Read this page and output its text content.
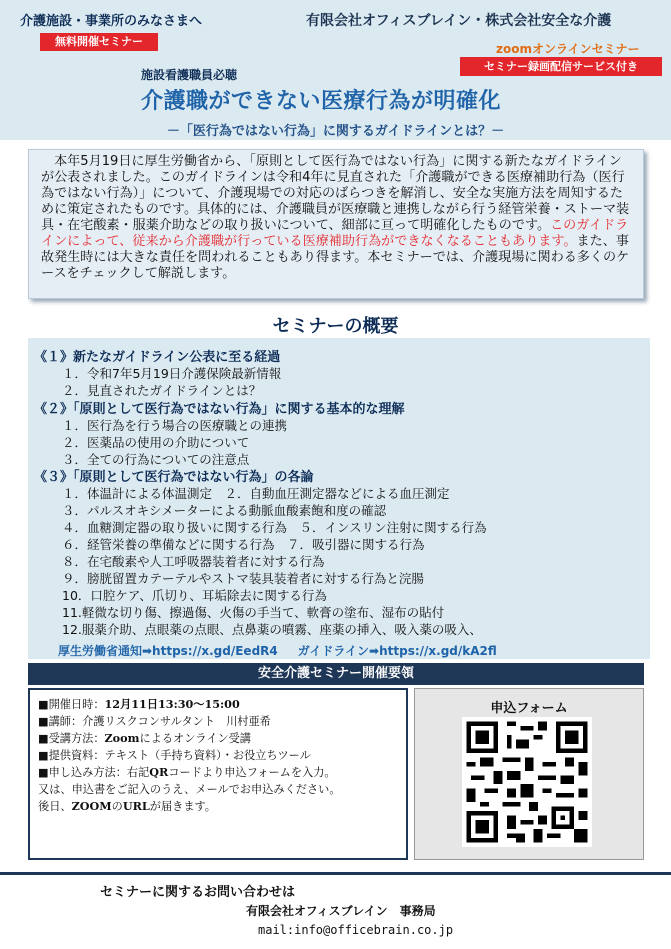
介護施設・事業所のみなさまへ
無料開催セミナー
有限会社オフィスブレイン・株式会社安全な介護
zoomオンラインセミナー
セミナー録画配信サービス付き
施設看護職員必聴
介護職ができない医療行為が明確化
－「医行為ではない行為」に関するガイドラインとは？－

本年5月19日に厚生労働省から、「原則として医行為ではない行為」に関する新たなガイドラインが公表されました。このガイドラインは令和4年に見直された「介護職ができる医療補助行為（医行為ではない行為）」について、介護現場での対応のばらつきを解消し、安全な実施方法を周知するために策定されたものです。具体的には、介護職員が医療職と連携しながら行う経管栄養・ストーマ装具・在宅酸素・服薬介助などの取り扱いについて、細部に亘って明確化したものです。このガイドラインによって、従来から介護職が行っている医療補助行為ができなくなることもあります。また、事故発生時には大きな責任を問われることもあり得ます。本セミナーでは、介護現場に関わる多くのケースをチェックして解説します。

セミナーの概要
《１》新たなガイドライン公表に至る経過
１．令和7年5月19日介護保険最新情報
２．見直されたガイドラインとは？
《２》「原則として医行為ではない行為」に関する基本的な理解
１．医行為を行う場合の医療職との連携
２．医薬品の使用の介助について
３．全ての行為についての注意点
《３》「原則として医行為ではない行為」の各論
１．体温計による体温測定　２．自動血圧測定器などによる血圧測定
３．パルスオキシメーターによる動脈血酸素飽和度の確認
４．血糖測定器の取り扱いに関する行為　５．インスリン注射に関する行為
６．経管栄養の準備などに関する行為　７．吸引器に関する行為
８．在宅酸素や人工呼吸器装着者に対する行為
９．膀胱留置カテーテルやストマ装具装着者に対する行為と浣腸
10．口腔ケア、爪切り、耳垢除去に関する行為
11.軽微な切り傷、擦過傷、火傷の手当て、軟膏の塗布、湿布の貼付
12.服薬介助、点眼薬の点眼、点鼻薬の噴霧、座薬の挿入、吸入薬の吸入、
厚生労働省通知➡https://x.gd/EedR4 ガイドライン➡https://x.gd/kA2fl
安全介護セミナー開催要領
■開催日時：12月11日13:30～15:00
■講師：介護リスクコンサルタント　川村亜希
■受講方法：Zoomによるオンライン受講
■提供資料：テキスト（手持ち資料）・お役立ちツール
■申し込み方法：右記QRコードより申込フォームを入力。
又は、申込書をご記入のうえ、メールでお申込みください。
後日、ZOOMのURLが届きます。
申込フォーム
セミナーに関するお問い合わせは
有限会社オフィスブレイン　事務局
mail:info@officebrain.co.jp
